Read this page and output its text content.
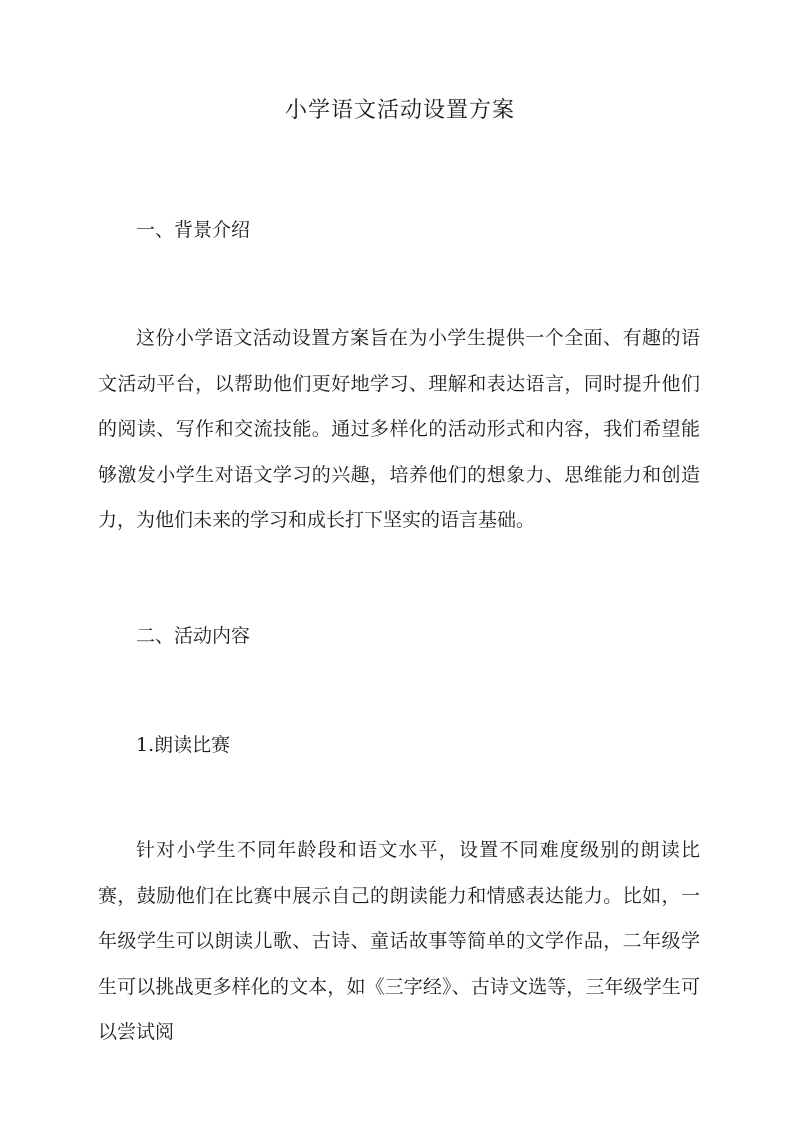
小学语文活动设置方案
一、背景介绍

这份小学语文活动设置方案旨在为小学生提供一个全面、有趣的语文活动平台，以帮助他们更好地学习、理解和表达语言，同时提升他们的阅读、写作和交流技能。通过多样化的活动形式和内容，我们希望能够激发小学生对语文学习的兴趣，培养他们的想象力、思维能力和创造力，为他们未来的学习和成长打下坚实的语言基础。

二、活动内容
1.朗读比赛

针对小学生不同年龄段和语文水平，设置不同难度级别的朗读比赛，鼓励他们在比赛中展示自己的朗读能力和情感表达能力。比如，一年级学生可以朗读儿歌、古诗、童话故事等简单的文学作品，二年级学生可以挑战更多样化的文本，如《三字经》、古诗文选等，三年级学生可以尝试阅
